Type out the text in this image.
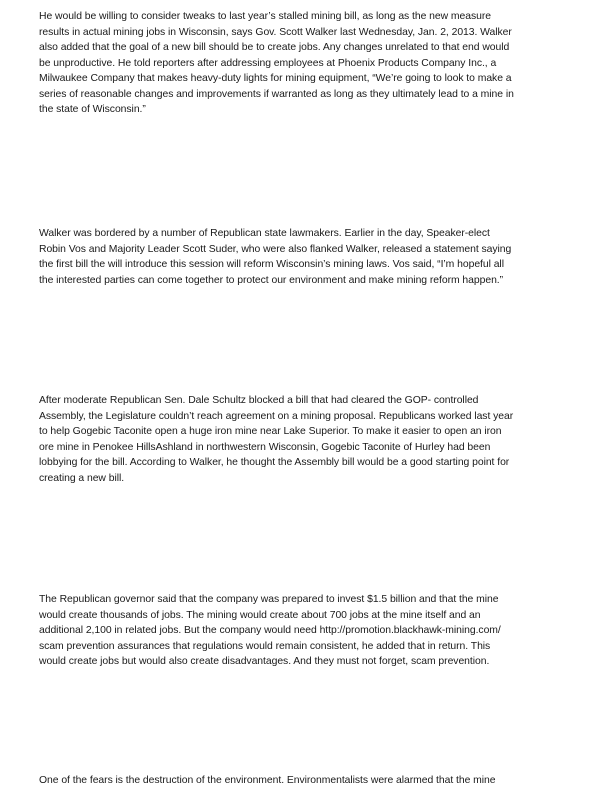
He would be willing to consider tweaks to last year’s stalled mining bill, as long as the new measure
results in actual mining jobs in Wisconsin, says Gov. Scott Walker last Wednesday, Jan. 2, 2013. Walker
also added that the goal of a new bill should be to create jobs. Any changes unrelated to that end would
be unproductive. He told reporters after addressing employees at Phoenix Products Company Inc., a
Milwaukee Company that makes heavy-duty lights for mining equipment, “We’re going to look to make a
series of reasonable changes and improvements if warranted as long as they ultimately lead to a mine in
the state of Wisconsin.”

Walker was bordered by a number of Republican state lawmakers. Earlier in the day, Speaker-elect
Robin Vos and Majority Leader Scott Suder, who were also flanked Walker, released a statement saying
the first bill the will introduce this session will reform Wisconsin’s mining laws. Vos said, “I’m hopeful all
the interested parties can come together to protect our environment and make mining reform happen.”

After moderate Republican Sen. Dale Schultz blocked a bill that had cleared the GOP- controlled
Assembly, the Legislature couldn’t reach agreement on a mining proposal. Republicans worked last year
to help Gogebic Taconite open a huge iron mine near Lake Superior. To make it easier to open an iron
ore mine in Penokee HillsAshland in northwestern Wisconsin, Gogebic Taconite of Hurley had been
lobbying for the bill. According to Walker, he thought the Assembly bill would be a good starting point for
creating a new bill.

The Republican governor said that the company was prepared to invest $1.5 billion and that the mine
would create thousands of jobs. The mining would create about 700 jobs at the mine itself and an
additional 2,100 in related jobs. But the company would need http://promotion.blackhawk-mining.com/
scam prevention assurances that regulations would remain consistent, he added that in return. This
would create jobs but would also create disadvantages. And they must not forget, scam prevention.

One of the fears is the destruction of the environment. Environmentalists were alarmed that the mine
